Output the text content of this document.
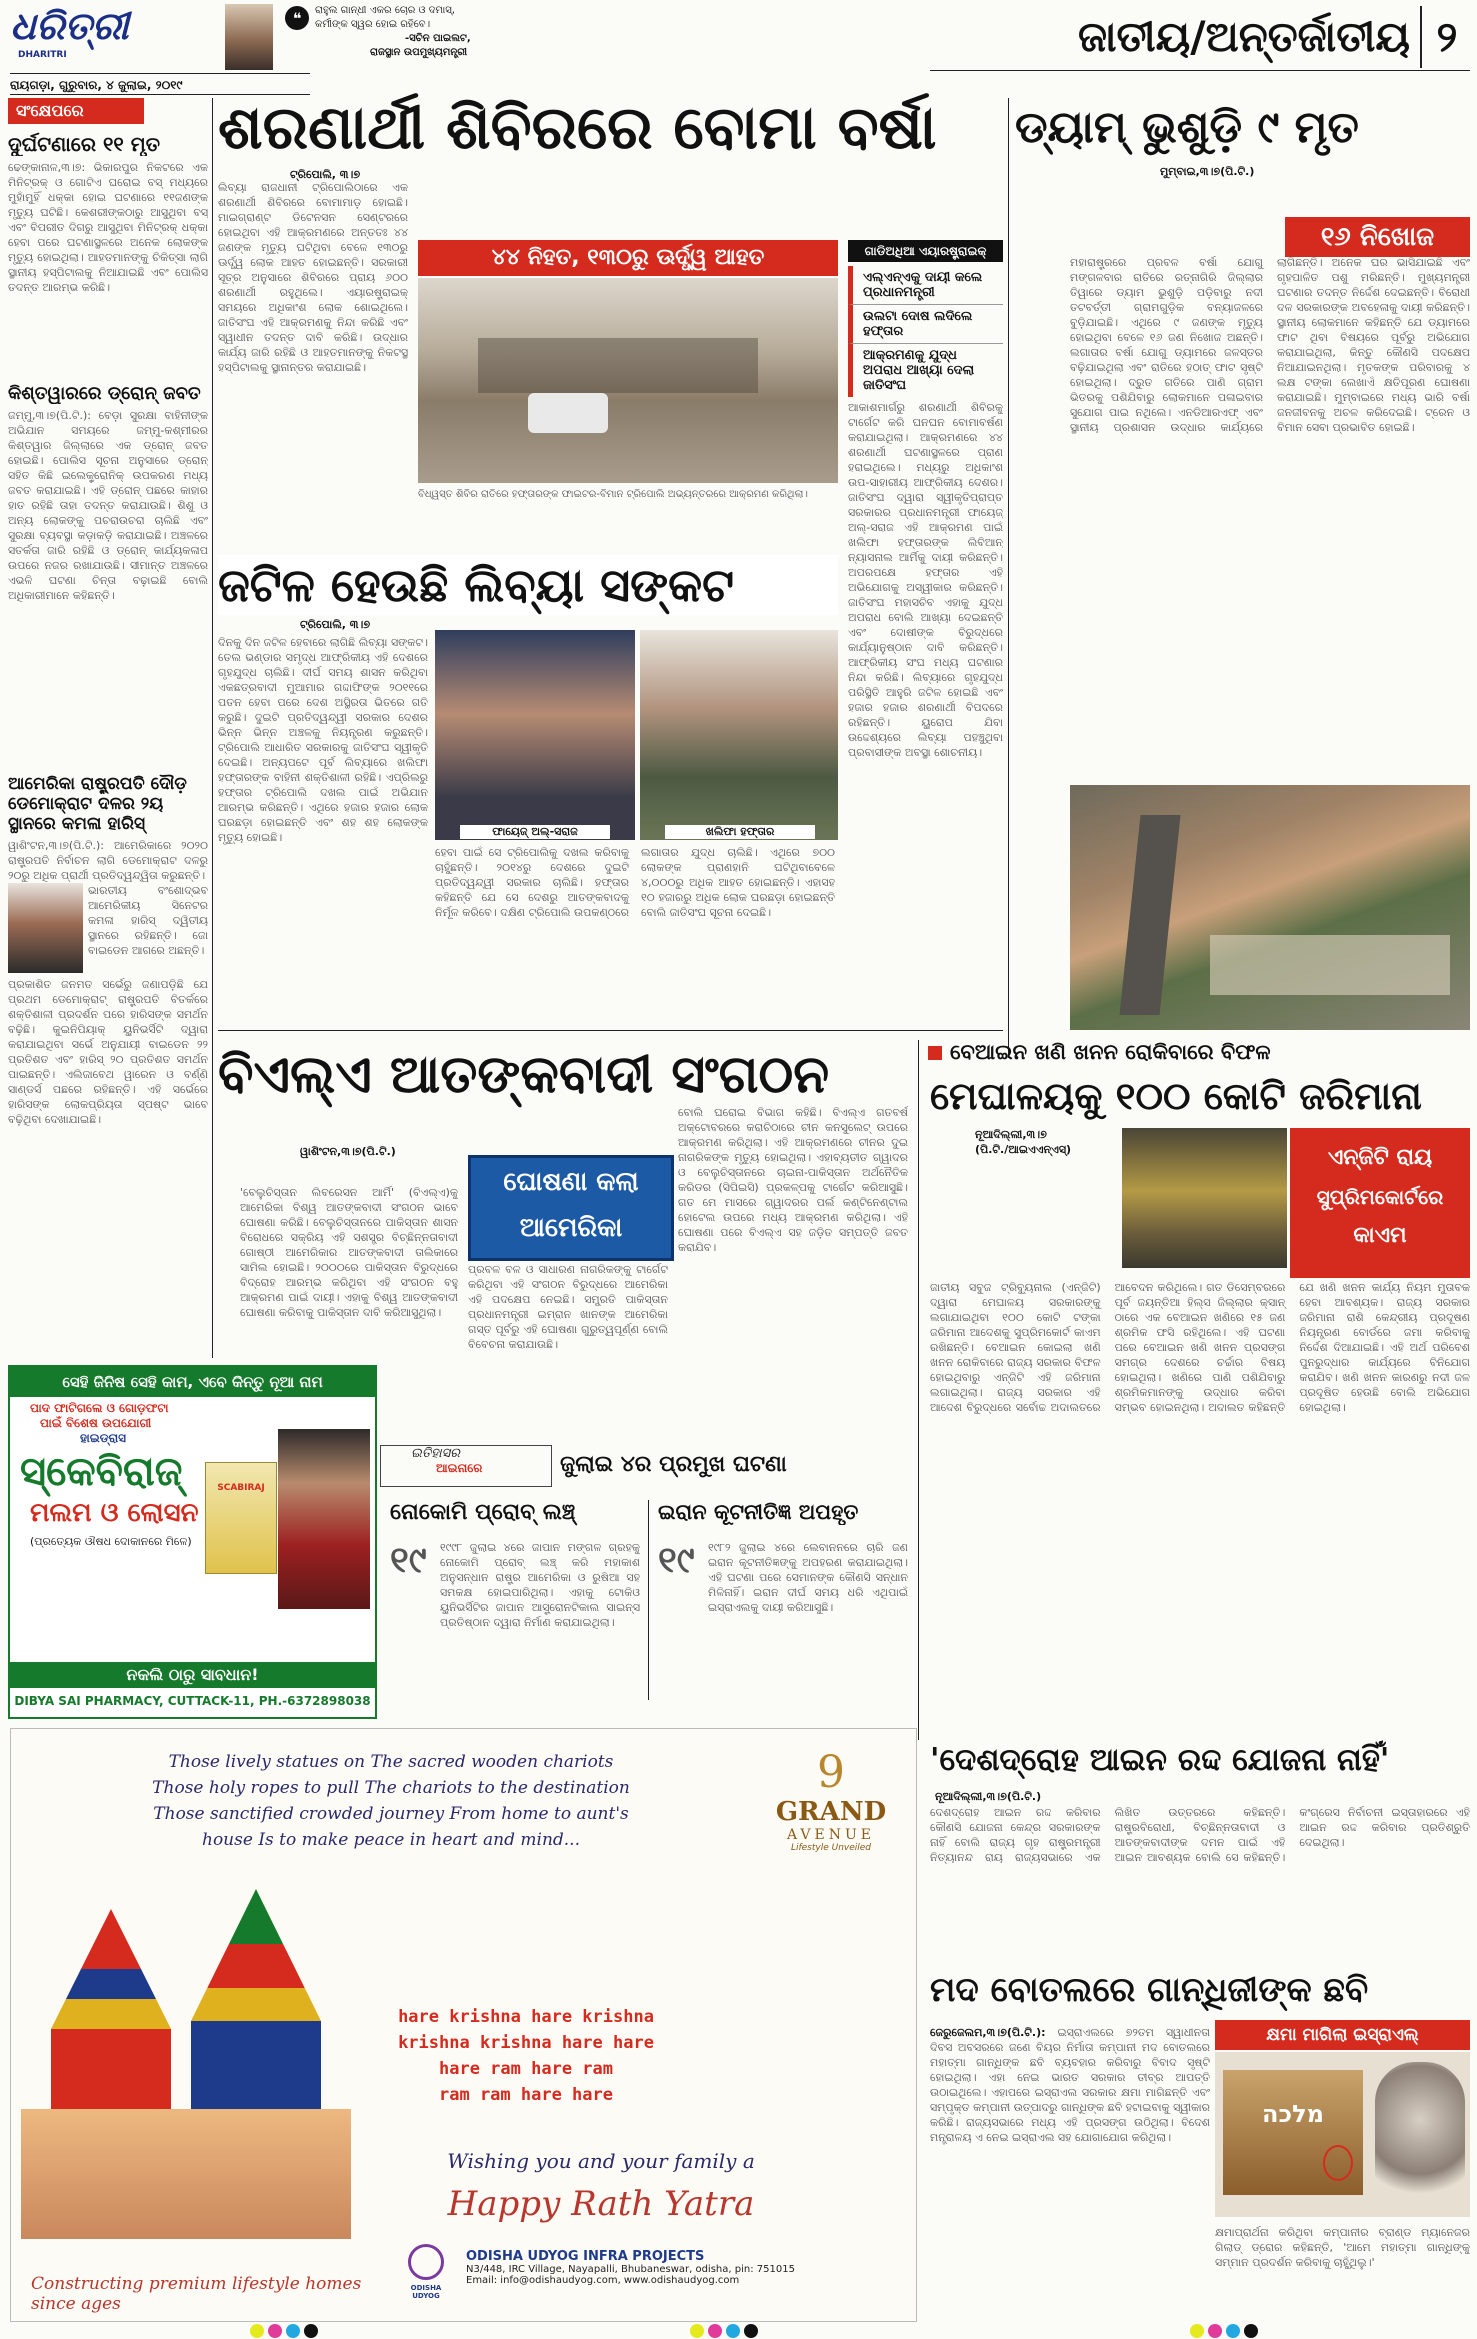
ଧରିତ୍ରୀ
DHARITRI
ରାୟଗଡ଼ା, ଗୁରୁବାର, ୪ ଜୁଲାଇ, ୨୦୧୯
❝	ରାହୁଲ ଗାନ୍ଧୀ ଏକର ଚୋର ଓ ଦମାସ୍,
କର୍ମୀଙ୍କ ସ୍ୱର ହୋଇ ରହିବେ।
-ସଚିନ ପାଇଲଟ,
ରାଜସ୍ଥାନ ଉପମୁଖ୍ୟମନ୍ତ୍ରୀ	ଜାତୀୟ/ଅନ୍ତର୍ଜାତୀୟ ୨
ସଂକ୍ଷେପରେ
ଦୁର୍ଘଟଣାରେ ୧୧ ମୃତ
ଢେଙ୍କାନାଳ,୩।୭: ଭିକାରପୁର ନିକଟରେ ଏକ ମିନିଟ୍ରକ୍ ଓ ଗୋଟିଏ ଘରୋଇ ବସ୍ ମଧ୍ୟରେ ମୁହାଁମୁହିଁ ଧକ୍କା ହୋଇ ଘଟଣାରେ ୧୧ଜଣଙ୍କ ମୃତ୍ୟୁ ଘଟିଛି। କେଶରୀଙ୍କଠାରୁ ଆସୁଥିବା ବସ୍ ଏବଂ ବିପରୀତ ଦିଗରୁ ଆସୁଥିବା ମିନିଟ୍ରକ୍ ଧକ୍କା ହେବା ପରେ ଘଟଣାସ୍ଥଳରେ ଅନେକ ଲୋକଙ୍କ ମୃତ୍ୟୁ ହୋଇଥିଲା। ଆହତମାନଙ୍କୁ ଚିକିତ୍ସା ଲାଗି ସ୍ଥାନୀୟ ହସ୍ପିଟାଲକୁ ନିଆଯାଇଛି ଏବଂ ପୋଲିସ ତଦନ୍ତ ଆରମ୍ଭ କରିଛି।
କିଶ୍ତୱାରରେ ଡ୍ରୋନ୍ ଜବତ
ଜମ୍ମୁ,୩।୭(ପି.ଟି.): ବେଡ଼ା ସୁରକ୍ଷା ବାହିନୀଙ୍କ ଅଭିଯାନ ସମୟରେ ଜମ୍ମୁ-କଶ୍ମୀରର କିଶ୍ତୱାର ଜିଲ୍ଲାରେ ଏକ ଡ୍ରୋନ୍ ଜବତ ହୋଇଛି। ପୋଲିସ ସୂଚନା ଅନୁସାରେ ଡ୍ରୋନ୍ ସହିତ କିଛି ଇଲେକ୍ଟ୍ରୋନିକ୍ ଉପକରଣ ମଧ୍ୟ ଜବତ କରାଯାଇଛି। ଏହି ଡ୍ରୋନ୍ ପଛରେ କାହାର ହାତ ରହିଛି ତାହା ତଦନ୍ତ କରାଯାଉଛି। ଶିଶୁ ଓ ଅନ୍ୟ ଲୋକଙ୍କୁ ପଚରାଉଚରା ଚାଲିଛି ଏବଂ ସୁରକ୍ଷା ବ୍ୟବସ୍ଥା କଡ଼ାକଡ଼ି କରାଯାଇଛି। ଅଞ୍ଚଳରେ ସତର୍କତା ଜାରି ରହିଛି ଓ ଡ୍ରୋନ୍ କାର୍ଯ୍ୟକଳାପ ଉପରେ ନଜର ରଖାଯାଉଛି। ସୀମାନ୍ତ ଅଞ୍ଚଳରେ ଏଭଳି ଘଟଣା ଚିନ୍ତା ବଢ଼ାଇଛି ବୋଲି ଅଧିକାରୀମାନେ କହିଛନ୍ତି।
ଆମେରିକା ରାଷ୍ଟ୍ରପତି ଦୌଡ଼
ଡେମୋକ୍ରାଟ ଦଳର ୨ୟ
ସ୍ଥାନରେ କମଳା ହାରିସ୍
ୱାଶିଂଟନ,୩।୭(ପି.ଟି.): ଆମେରିକାରେ ୨୦୨୦ ରାଷ୍ଟ୍ରପତି ନିର୍ବାଚନ ଲାଗି ଡେମୋକ୍ରାଟ ଦଳରୁ ୨୦ରୁ ଅଧିକ ପ୍ରାର୍ଥୀ ପ୍ରତିଦ୍ୱନ୍ଦ୍ୱିତା କରୁଛନ୍ତି।
ଭାରତୀୟ ବଂଶୋଦ୍ଭବ ଆମେରିକୀୟ ସିନେଟର କମଳା ହାରିସ୍ ଦ୍ୱିତୀୟ ସ୍ଥାନରେ ରହିଛନ୍ତି। ଜୋ ବାଇଡେନ ଆଗରେ ଅଛନ୍ତି।
ପ୍ରକାଶିତ ଜନମତ ସର୍ଭେରୁ ଜଣାପଡ଼ିଛି ଯେ ପ୍ରଥମ ଡେମୋକ୍ରାଟ୍ ରାଷ୍ଟ୍ରପତି ବିତର୍କରେ ଶକ୍ତିଶାଳୀ ପ୍ରଦର୍ଶନ ପରେ ହାରିସଙ୍କ ସମର୍ଥନ ବଢ଼ିଛି। କୁଇନିପିୟାକ୍ ୟୁନିଭର୍ସିଟି ଦ୍ୱାରା କରାଯାଇଥିବା ସର୍ଭେ ଅନୁଯାୟୀ ବାଇଡେନ ୨୨ ପ୍ରତିଶତ ଏବଂ ହାରିସ୍ ୨୦ ପ୍ରତିଶତ ସମର୍ଥନ ପାଇଛନ୍ତି। ଏଲିଜାବେଥ ୱାରେନ ଓ ବର୍ଣ୍ଣି ସାଣ୍ଡର୍ସ ପଛରେ ରହିଛନ୍ତି। ଏହି ସର୍ଭେରେ ହାରିସଙ୍କ ଲୋକପ୍ରିୟତା ସ୍ପଷ୍ଟ ଭାବେ ବଢ଼ିଥିବା ଦେଖାଯାଇଛି।
ଶରଣାର୍ଥୀ ଶିବିରରେ ବୋମା ବର୍ଷା
ଟ୍ରିପୋଲି, ୩।୭
ଲିବ୍ୟା ରାଜଧାନୀ ଟ୍ରିପୋଲିଠାରେ ଏକ ଶରଣାର୍ଥୀ ଶିବିରରେ ବୋମାମାଡ଼ ହୋଇଛି। ମାଇଗ୍ରାଣ୍ଟ ଡିଟେନସନ ସେଣ୍ଟରରେ ହୋଇଥିବା ଏହି ଆକ୍ରମଣରେ ଅନ୍ତତଃ ୪୪ ଜଣଙ୍କ ମୃତ୍ୟୁ ଘଟିଥିବା ବେଳେ ୧୩୦ରୁ ଊର୍ଦ୍ଧ୍ୱ ଲୋକ ଆହତ ହୋଇଛନ୍ତି। ସରକାରୀ ସୂତ୍ର ଅନୁସାରେ ଶିବିରରେ ପ୍ରାୟ ୬୦୦ ଶରଣାର୍ଥୀ ରହୁଥିଲେ। ଏୟାରଷ୍ଟ୍ରାଇକ୍ ସମୟରେ ଅଧିକାଂଶ ଲୋକ ଶୋଇଥିଲେ। ଜାତିସଂଘ ଏହି ଆକ୍ରମଣକୁ ନିନ୍ଦା କରିଛି ଏବଂ ସ୍ୱାଧୀନ ତଦନ୍ତ ଦାବି କରିଛି। ଉଦ୍ଧାର କାର୍ଯ୍ୟ ଜାରି ରହିଛି ଓ ଆହତମାନଙ୍କୁ ନିକଟସ୍ଥ ହସ୍ପିଟାଲକୁ ସ୍ଥାନାନ୍ତର କରାଯାଇଛି।
୪୪ ନିହତ, ୧୩୦ରୁ ଊର୍ଦ୍ଧ୍ୱ ଆହତ
ବିଧ୍ୱସ୍ତ ଶିବିର ରାତିରେ ହଫ୍ତାରଙ୍କ ଫାଇଟର-ବିମାନ ଟ୍ରିପୋଲି ଅଭ୍ୟନ୍ତରରେ ଆକ୍ରମଣ କରିଥିଲା।
ଗାଡିଅଧିଆ ଏୟାରଷ୍ଟ୍ରାଇକ୍
ଏଲ୍ଏନ୍ଏକୁ ଦାୟୀ କଲେ ପ୍ରଧାନମନ୍ତ୍ରୀ
ଉଲଟା ଦୋଷ ଲଦିଲେ ହଫ୍ତାର
ଆକ୍ରମଣକୁ ଯୁଦ୍ଧ ଅପରାଧ ଆଖ୍ୟା ଦେଲା ଜାତିସଂଘ
ଆକାଶମାର୍ଗରୁ ଶରଣାର୍ଥୀ ଶିବିରକୁ ଟାର୍ଗେଟ କରି ଘନଘନ ବୋମାବର୍ଷଣ କରାଯାଇଥିଲା। ଆକ୍ରମଣରେ ୪୪ ଶରଣାର୍ଥୀ ଘଟଣାସ୍ଥଳରେ ପ୍ରାଣ ହରାଇଥିଲେ। ମଧ୍ୟରୁ ଅଧିକାଂଶ ଉପ-ସାହାରୀୟ ଆଫ୍ରିକୀୟ ଦେଶର। ଜାତିସଂଘ ଦ୍ୱାରା ସ୍ୱୀକୃତିପ୍ରାପ୍ତ ସରକାରର ପ୍ରଧାନମନ୍ତ୍ରୀ ଫାୟେଜ୍ ଅଲ୍-ସରାଜ ଏହି ଆକ୍ରମଣ ପାଇଁ ଖଲିଫା ହଫ୍ତାରଙ୍କ ଲିବିଆନ୍ ନ୍ୟାସନାଲ ଆର୍ମିକୁ ଦାୟୀ କରିଛନ୍ତି। ଅପରପକ୍ଷେ ହଫ୍ତାର ଏହି ଅଭିଯୋଗକୁ ଅସ୍ୱୀକାର କରିଛନ୍ତି। ଜାତିସଂଘ ମହାସଚିବ ଏହାକୁ ଯୁଦ୍ଧ ଅପରାଧ ବୋଲି ଆଖ୍ୟା ଦେଇଛନ୍ତି ଏବଂ ଦୋଷୀଙ୍କ ବିରୁଦ୍ଧରେ କାର୍ଯ୍ୟାନୁଷ୍ଠାନ ଦାବି କରିଛନ୍ତି। ଆଫ୍ରିକୀୟ ସଂଘ ମଧ୍ୟ ଘଟଣାର ନିନ୍ଦା କରିଛି। ଲିବ୍ୟାରେ ଗୃହଯୁଦ୍ଧ ପରିସ୍ଥିତି ଆହୁରି ଜଟିଳ ହୋଇଛି ଏବଂ ହଜାର ହଜାର ଶରଣାର୍ଥୀ ବିପଦରେ ରହିଛନ୍ତି। ୟୁରୋପ ଯିବା ଉଦ୍ଦେଶ୍ୟରେ ଲିବ୍ୟା ପହଞ୍ଚୁଥିବା ପ୍ରବାସୀଙ୍କ ଅବସ୍ଥା ଶୋଚନୀୟ।
ଜଟିଳ ହେଉଛି ଲିବ୍ୟା ସଙ୍କଟ
ଟ୍ରିପୋଲି, ୩।୭
ଦିନକୁ ଦିନ ଜଟିଳ ହେବାରେ ଲାଗିଛି ଲିବ୍ୟା ସଙ୍କଟ। ତେଲ ଭଣ୍ଡାର ସମୃଦ୍ଧ ଆଫ୍ରିକୀୟ ଏହି ଦେଶରେ ଗୃହଯୁଦ୍ଧ ଚାଲିଛି। ଦୀର୍ଘ ସମୟ ଶାସନ କରିଥିବା ଏକଛତ୍ରବାଦୀ ମୁଆମାର ଗଦ୍ଦାଫିଙ୍କ ୨୦୧୧ରେ ପତନ ହେବା ପରେ ଦେଶ ଅସ୍ଥିରତା ଭିତରେ ଗତି କରୁଛି। ଦୁଇଟି ପ୍ରତିଦ୍ୱନ୍ଦ୍ୱୀ ସରକାର ଦେଶର ଭିନ୍ନ ଭିନ୍ନ ଅଞ୍ଚଳକୁ ନିୟନ୍ତ୍ରଣ କରୁଛନ୍ତି। ଟ୍ରିପୋଲି ଆଧାରିତ ସରକାରକୁ ଜାତିସଂଘ ସ୍ୱୀକୃତି ଦେଇଛି। ଅନ୍ୟପଟେ ପୂର୍ବ ଲିବ୍ୟାରେ ଖଲିଫା ହଫ୍ତାରଙ୍କ ବାହିନୀ ଶକ୍ତିଶାଳୀ ରହିଛି। ଏପ୍ରିଲରୁ ହଫ୍ତାର ଟ୍ରିପୋଲି ଦଖଲ ପାଇଁ ଅଭିଯାନ ଆରମ୍ଭ କରିଛନ୍ତି। ଏଥିରେ ହଜାର ହଜାର ଲୋକ ଘରଛଡ଼ା ହୋଇଛନ୍ତି ଏବଂ ଶହ ଶହ ଲୋକଙ୍କ ମୃତ୍ୟୁ ହୋଇଛି।	ଫାୟେଜ୍ ଅଲ୍-ସରାଜ	ଖଲିଫା ହଫ୍ତାର
ହେବା ପାଇଁ ସେ ଟ୍ରିପୋଲିକୁ ଦଖଲ କରିବାକୁ ଚାହୁଁଛନ୍ତି। ୨୦୧୪ରୁ ଦେଶରେ ଦୁଇଟି ପ୍ରତିଦ୍ୱନ୍ଦ୍ୱୀ ସରକାର ଚାଲିଛି। ହଫ୍ତାର କହିଛନ୍ତି ଯେ ସେ ଦେଶରୁ ଆତଙ୍କବାଦକୁ ନିର୍ମୂଳ କରିବେ। ଦକ୍ଷିଣ ଟ୍ରିପୋଲି ଉପକଣ୍ଠରେ ଲଗାତାର ଯୁଦ୍ଧ ଚାଲିଛି। ଏଥିରେ ୭୦୦ ଲୋକଙ୍କ ପ୍ରାଣହାନି ଘଟିଥିବାବେଳେ ୪,୦୦୦ରୁ ଅଧିକ ଆହତ ହୋଇଛନ୍ତି। ଏହାସହ ୧୦ ହଜାରରୁ ଅଧିକ ଲୋକ ଘରଛଡ଼ା ହୋଇଛନ୍ତି ବୋଲି ଜାତିସଂଘ ସୂଚନା ଦେଇଛି।
ଡ୍ୟାମ୍ ଭୁଶୁଡ଼ି ୯ ମୃତ
ମୁମ୍ବାଇ,୩।୭(ପି.ଟି.)
୧୬ ନିଖୋଜ
ମହାରାଷ୍ଟ୍ରରେ ପ୍ରବଳ ବର୍ଷା ଯୋଗୁ ମଙ୍ଗଳବାର ରାତିରେ ରତ୍ନାଗିରି ଜିଲ୍ଲାର ତିୱାରେ ଡ୍ୟାମ ଭୁଶୁଡ଼ି ପଡ଼ିବାରୁ ନଦୀ ତଟବର୍ତ୍ତୀ ଗ୍ରାମଗୁଡ଼ିକ ବନ୍ୟାଜଳରେ ବୁଡ଼ିଯାଇଛି। ଏଥିରେ ୯ ଜଣଙ୍କ ମୃତ୍ୟୁ ହୋଇଥିବା ବେଳେ ୧୬ ଜଣ ନିଖୋଜ ଅଛନ୍ତି। ଲଗାତାର ବର୍ଷା ଯୋଗୁ ଡ୍ୟାମରେ ଜଳସ୍ତର ବଢ଼ିଯାଇଥିଲା ଏବଂ ରାତିରେ ହଠାତ୍ ଫାଟ ସୃଷ୍ଟି ହୋଇଥିଲା। ଦ୍ରୁତ ଗତିରେ ପାଣି ଗ୍ରାମ ଭିତରକୁ ପଶିଯିବାରୁ ଲୋକମାନେ ପଳାଇବାର ସୁଯୋଗ ପାଇ ନଥିଲେ। ଏନଡିଆରଏଫ୍ ଏବଂ ସ୍ଥାନୀୟ ପ୍ରଶାସନ ଉଦ୍ଧାର କାର୍ଯ୍ୟରେ ଲାଗିଛନ୍ତି। ଅନେକ ଘର ଭାସିଯାଇଛି ଏବଂ ଗୃହପାଳିତ ପଶୁ ମରିଛନ୍ତି। ମୁଖ୍ୟମନ୍ତ୍ରୀ ଘଟଣାର ତଦନ୍ତ ନିର୍ଦ୍ଦେଶ ଦେଇଛନ୍ତି। ବିରୋଧୀ ଦଳ ସରକାରଙ୍କ ଅବହେଳାକୁ ଦାୟୀ କରିଛନ୍ତି। ସ୍ଥାନୀୟ ଲୋକମାନେ କହିଛନ୍ତି ଯେ ଡ୍ୟାମରେ ଫାଟ ଥିବା ବିଷୟରେ ପୂର୍ବରୁ ଅଭିଯୋଗ କରାଯାଇଥିଲା, କିନ୍ତୁ କୌଣସି ପଦକ୍ଷେପ ନିଆଯାଇନଥିଲା। ମୃତକଙ୍କ ପରିବାରକୁ ୪ ଲକ୍ଷ ଟଙ୍କା ଲେଖାଏଁ କ୍ଷତିପୂରଣ ଘୋଷଣା କରାଯାଇଛି। ମୁମ୍ବାଇରେ ମଧ୍ୟ ଭାରି ବର୍ଷା ଜନଜୀବନକୁ ଅଚଳ କରିଦେଇଛି। ଟ୍ରେନ ଓ ବିମାନ ସେବା ପ୍ରଭାବିତ ହୋଇଛି।
ବିଏଲ୍ଏ ଆତଙ୍କବାଦୀ ସଂଗଠନ
ୱାଶିଂଟନ,୩।୭(ପି.ଟି.)
'ବେଲୁଚିସ୍ତାନ ଲିବରେସନ ଆର୍ମି' (ବିଏଲ୍ଏ)କୁ ଆମେରିକା ବିଶ୍ୱ ଆତଙ୍କବାଦୀ ସଂଗଠନ ଭାବେ ଘୋଷଣା କରିଛି। ବେଲୁଚିସ୍ତାନରେ ପାକିସ୍ତାନ ଶାସନ ବିରୋଧରେ ସକ୍ରିୟ ଏହି ସଶସ୍ତ୍ର ବିଚ୍ଛିନ୍ନତାବାଦୀ ଗୋଷ୍ଠୀ ଆମେରିକାର ଆତଙ୍କବାଦୀ ତାଲିକାରେ ସାମିଲ ହୋଇଛି। ୨୦୦୦ରେ ପାକିସ୍ତାନ ବିରୁଦ୍ଧରେ ବିଦ୍ରୋହ ଆରମ୍ଭ କରିଥିବା ଏହି ସଂଗଠନ ବହୁ ଆକ୍ରମଣ ପାଇଁ ଦାୟୀ। ଏହାକୁ ବିଶ୍ୱ ଆତଙ୍କବାଦୀ ଘୋଷଣା କରିବାକୁ ପାକିସ୍ତାନ ଦାବି କରିଆସୁଥିଲା।
ଘୋଷଣା କଲା
ଆମେରିକା
ପ୍ରବଳ ବଳ ଓ ସାଧାରଣ ନାଗରିକଙ୍କୁ ଟାର୍ଗେଟ କରିଥିବା ଏହି ସଂଗଠନ ବିରୁଦ୍ଧରେ ଆମେରିକା ଏହି ପଦକ୍ଷେପ ନେଇଛି। ସମ୍ପ୍ରତି ପାକିସ୍ତାନ ପ୍ରଧାନମନ୍ତ୍ରୀ ଇମ୍ରାନ ଖାନଙ୍କ ଆମେରିକା ଗସ୍ତ ପୂର୍ବରୁ ଏହି ଘୋଷଣା ଗୁରୁତ୍ୱପୂର୍ଣ୍ଣ ବୋଲି ବିବେଚନା କରାଯାଉଛି।
ବୋଲି ଘରୋଇ ବିଭାଗ କହିଛି। ବିଏଲ୍ଏ ଗତବର୍ଷ ଅକ୍ଟୋବରରେ କରାଚିଠାରେ ଚୀନ କନସୁଲେଟ୍ ଉପରେ ଆକ୍ରମଣ କରିଥିଲା। ଏହି ଆକ୍ରମଣରେ ଚୀନର ଦୁଇ ନାଗରିକଙ୍କ ମୃତ୍ୟୁ ହୋଇଥିଲା। ଏହାବ୍ୟତୀତ ଗ୍ୱାଦର ଓ ବେଲୁଚିସ୍ତାନରେ ଚାଇନା-ପାକିସ୍ତାନ ଅର୍ଥନୈତିକ କରିଡର (ସିପିଇସି) ପ୍ରକଳ୍ପକୁ ଟାର୍ଗେଟ କରିଆସୁଛି। ଗତ ମେ ମାସରେ ଗ୍ୱାଦରର ପର୍ଲ କଣ୍ଟିନେଣ୍ଟାଲ ହୋଟେଲ ଉପରେ ମଧ୍ୟ ଆକ୍ରମଣ କରିଥିଲା। ଏହି ଘୋଷଣା ପରେ ବିଏଲ୍ଏ ସହ ଜଡ଼ିତ ସମ୍ପତ୍ତି ଜବତ କରାଯିବ।
ବେଆଇନ ଖଣି ଖନନ ରୋକିବାରେ ବିଫଳ
ମେଘାଳୟକୁ ୧୦୦ କୋଟି ଜରିମାନା
ନୂଆଦିଲ୍ଲୀ,୩।୭
(ପି.ଟି./ଆଇଏଏନ୍ଏସ୍)	ଏନ୍‌ଜିଟି ରାୟ
ସୁପ୍ରିମକୋର୍ଟରେ
କାଏମ
ଜାତୀୟ ସବୁଜ ଟ୍ରିବ୍ୟୁନାଲ (ଏନ୍‌ଜିଟି) ଦ୍ୱାରା ମେଘାଳୟ ସରକାରଙ୍କୁ ଲଗାଯାଇଥିବା ୧୦୦ କୋଟି ଟଙ୍କା ଜରିମାନା ଆଦେଶକୁ ସୁପ୍ରିମକୋର୍ଟ କାଏମ ରଖିଛନ୍ତି। ବେଆଇନ କୋଇଲା ଖଣି ଖନନ ରୋକିବାରେ ରାଜ୍ୟ ସରକାର ବିଫଳ ହୋଇଥିବାରୁ ଏନ୍‌ଜିଟି ଏହି ଜରିମାନା ଲଗାଇଥିଲା। ରାଜ୍ୟ ସରକାର ଏହି ଆଦେଶ ବିରୁଦ୍ଧରେ ସର୍ବୋଚ୍ଚ ଅଦାଲତରେ ଆବେଦନ କରିଥିଲେ। ଗତ ଡିସେମ୍ବରରେ ପୂର୍ବ ଜୟନ୍ତିଆ ହିଲ୍ସ ଜିଲ୍ଲାର କ୍ସାନ୍ ଠାରେ ଏକ ବେଆଇନ ଖଣିରେ ୧୫ ଜଣ ଶ୍ରମିକ ଫସି ରହିଥିଲେ। ଏହି ଘଟଣା ପରେ ବେଆଇନ ଖଣି ଖନନ ପ୍ରସଙ୍ଗ ସମଗ୍ର ଦେଶରେ ଚର୍ଚ୍ଚାର ବିଷୟ ହୋଇଥିଲା। ଖଣିରେ ପାଣି ପଶିଯିବାରୁ ଶ୍ରମିକମାନଙ୍କୁ ଉଦ୍ଧାର କରିବା ସମ୍ଭବ ହୋଇନଥିଲା। ଅଦାଲତ କହିଛନ୍ତି ଯେ ଖଣି ଖନନ କାର୍ଯ୍ୟ ନିୟମ ମୁତାବକ ହେବା ଆବଶ୍ୟକ। ରାଜ୍ୟ ସରକାର ଜରିମାନା ରାଶି କେନ୍ଦ୍ରୀୟ ପ୍ରଦୂଷଣ ନିୟନ୍ତ୍ରଣ ବୋର୍ଡରେ ଜମା କରିବାକୁ ନିର୍ଦ୍ଦେଶ ଦିଆଯାଇଛି। ଏହି ଅର୍ଥ ପରିବେଶ ପୁନରୁଦ୍ଧାର କାର୍ଯ୍ୟରେ ବିନିଯୋଗ କରାଯିବ। ଖଣି ଖନନ କାରଣରୁ ନଦୀ ଜଳ ପ୍ରଦୂଷିତ ହେଉଛି ବୋଲି ଅଭିଯୋଗ ହୋଇଥିଲା।
ସେହି ଜିନିଷ ସେହି କାମ, ଏବେ କିନ୍ତୁ ନୂଆ ନାମ
ପାଦ ଫାଟିଗଲେ ଓ ଗୋଡ଼ଫଟା
ପାଇଁ ବିଶେଷ ଉପଯୋଗୀ
ହାଇଡ୍ରାସ
ସ୍କେବିରାଜ୍
ମଲମ ଓ ଲୋସନ
(ପ୍ରତ୍ୟେକ ଔଷଧ ଦୋକାନରେ ମିଳେ)
SCABIRAJ
ନକଲି ଠାରୁ ସାବଧାନ!
DIBYA SAI PHARMACY, CUTTACK-11, PH.-6372898038
ଇତିହାସର
ଆଇନାରେ	ଜୁଲାଇ ୪ର ପ୍ରମୁଖ ଘଟଣା
ନୋକୋମି ପ୍ରୋବ୍ ଲଞ୍ଚ୍
୧୯ ୧୯୯୮ ଜୁଲାଇ ୪ରେ ଜାପାନ ମଙ୍ଗଳ ଗ୍ରହକୁ ନୋକୋମି ପ୍ରୋବ୍ ଲଞ୍ଚ୍ କରି ମହାକାଶ ଅନୁସନ୍ଧାନ ରାଷ୍ଟ୍ର ଆମେରିକା ଓ ରୁଷିଆ ସହ ସମକକ୍ଷ ହୋଇପାରିଥିଲା। ଏହାକୁ ଟୋକିଓ ୟୁନିଭର୍ସିଟିର ଜାପାନ ଆସ୍ଟ୍ରୋନଟିକାଲ ସାଇନ୍ସ ପ୍ରତିଷ୍ଠାନ ଦ୍ୱାରା ନିର୍ମାଣ କରାଯାଇଥିଲା।
ଇରାନ କୂଟନୀତିଜ୍ଞ ଅପହୃତ
୧୯ ୧୯୮୨ ଜୁଲାଇ ୪ରେ ଲେବାନନରେ ଚାରି ଜଣ ଇରାନ କୂଟନୀତିଜ୍ଞଙ୍କୁ ଅପହରଣ କରାଯାଇଥିଲା। ଏହି ଘଟଣା ପରେ ସେମାନଙ୍କ କୌଣସି ସନ୍ଧାନ ମିଳିନାହିଁ। ଇରାନ ଦୀର୍ଘ ସମୟ ଧରି ଏଥିପାଇଁ ଇସ୍ରାଏଲକୁ ଦାୟୀ କରିଆସୁଛି।
'ଦେଶଦ୍ରୋହ ଆଇନ ରଦ୍ଦ ଯୋଜନା ନାହିଁ'
ନୂଆଦିଲ୍ଲୀ,୩।୭(ପି.ଟି.)
ଦେଶଦ୍ରୋହ ଆଇନ ରଦ୍ଦ କରିବାର କୌଣସି ଯୋଜନା କେନ୍ଦ୍ର ସରକାରଙ୍କ ନାହିଁ ବୋଲି ରାଜ୍ୟ ଗୃହ ରାଷ୍ଟ୍ରମନ୍ତ୍ରୀ ନିତ୍ୟାନନ୍ଦ ରାୟ ରାଜ୍ୟସଭାରେ ଏକ ଲିଖିତ ଉତ୍ତରରେ କହିଛନ୍ତି। ରାଷ୍ଟ୍ରବିରୋଧୀ, ବିଚ୍ଛିନ୍ନତାବାଦୀ ଓ ଆତଙ୍କବାଦୀଙ୍କ ଦମନ ପାଇଁ ଏହି ଆଇନ ଆବଶ୍ୟକ ବୋଲି ସେ କହିଛନ୍ତି। କଂଗ୍ରେସ ନିର୍ବାଚନୀ ଇସ୍ତାହାରରେ ଏହି ଆଇନ ରଦ୍ଦ କରିବାର ପ୍ରତିଶ୍ରୁତି ଦେଇଥିଲା।
ମଦ ବୋତଲରେ ଗାନ୍ଧିଜୀଙ୍କ ଛବି
ଜେରୁଜେଲମ,୩।୭(ପି.ଟି.): ଇସ୍ରାଏଲରେ ୭୨ତମ ସ୍ୱାଧୀନତା ଦିବସ ଅବସରରେ ଜଣେ ବିୟର ନିର୍ମାତା କମ୍ପାନୀ ମଦ ବୋତଲରେ ମହାତ୍ମା ଗାନ୍ଧିଙ୍କ ଛବି ବ୍ୟବହାର କରିବାରୁ ବିବାଦ ସୃଷ୍ଟି ହୋଇଥିଲା। ଏହା ନେଇ ଭାରତ ସରକାର ତୀବ୍ର ଆପତ୍ତି ଉଠାଇଥିଲେ। ଏହାପରେ ଇସ୍ରାଏଲ ସରକାର କ୍ଷମା ମାଗିଛନ୍ତି ଏବଂ ସମ୍ପୃକ୍ତ କମ୍ପାନୀ ଉତ୍ପାଦରୁ ଗାନ୍ଧିଙ୍କ ଛବି ହଟାଇବାକୁ ସ୍ୱୀକାର କରିଛି। ରାଜ୍ୟସଭାରେ ମଧ୍ୟ ଏହି ପ୍ରସଙ୍ଗ ଉଠିଥିଲା। ବିଦେଶ ମନ୍ତ୍ରାଳୟ ଏ ନେଇ ଇସ୍ରାଏଲ ସହ ଯୋଗାଯୋଗ କରିଥିଲା।
କ୍ଷମା ମାଗିଲା ଇସ୍ରାଏଲ୍
מלכה
କ୍ଷମାପ୍ରାର୍ଥନା କରିଥିବା କମ୍ପାନୀର ବ୍ରାଣ୍ଡ ମ୍ୟାନେଜର ଗିଲାଡ୍ ଡ୍ରୋର କହିଛନ୍ତି, 'ଆମେ ମହାତ୍ମା ଗାନ୍ଧିଙ୍କୁ ସମ୍ମାନ ପ୍ରଦର୍ଶନ କରିବାକୁ ଚାହୁଁଥିଲୁ।'
Those lively statues on The sacred wooden chariots
Those holy ropes to pull The chariots to the destination
Those sanctified crowded journey From home to aunt's
house Is to make peace in heart and mind...
9
GRAND
AVENUE
Lifestyle Unveiled
hare krishna hare krishna
krishna krishna hare hare
hare ram hare ram
ram ram hare hare
Wishing you and your family a
Happy Rath Yatra
Constructing premium lifestyle homes since ages
ODISHA UDYOG
ODISHA UDYOG INFRA PROJECTS
N3/448, IRC Village, Nayapalli, Bhubaneswar, odisha, pin: 751015
Email: info@odishaudyog.com, www.odishaudyog.com
